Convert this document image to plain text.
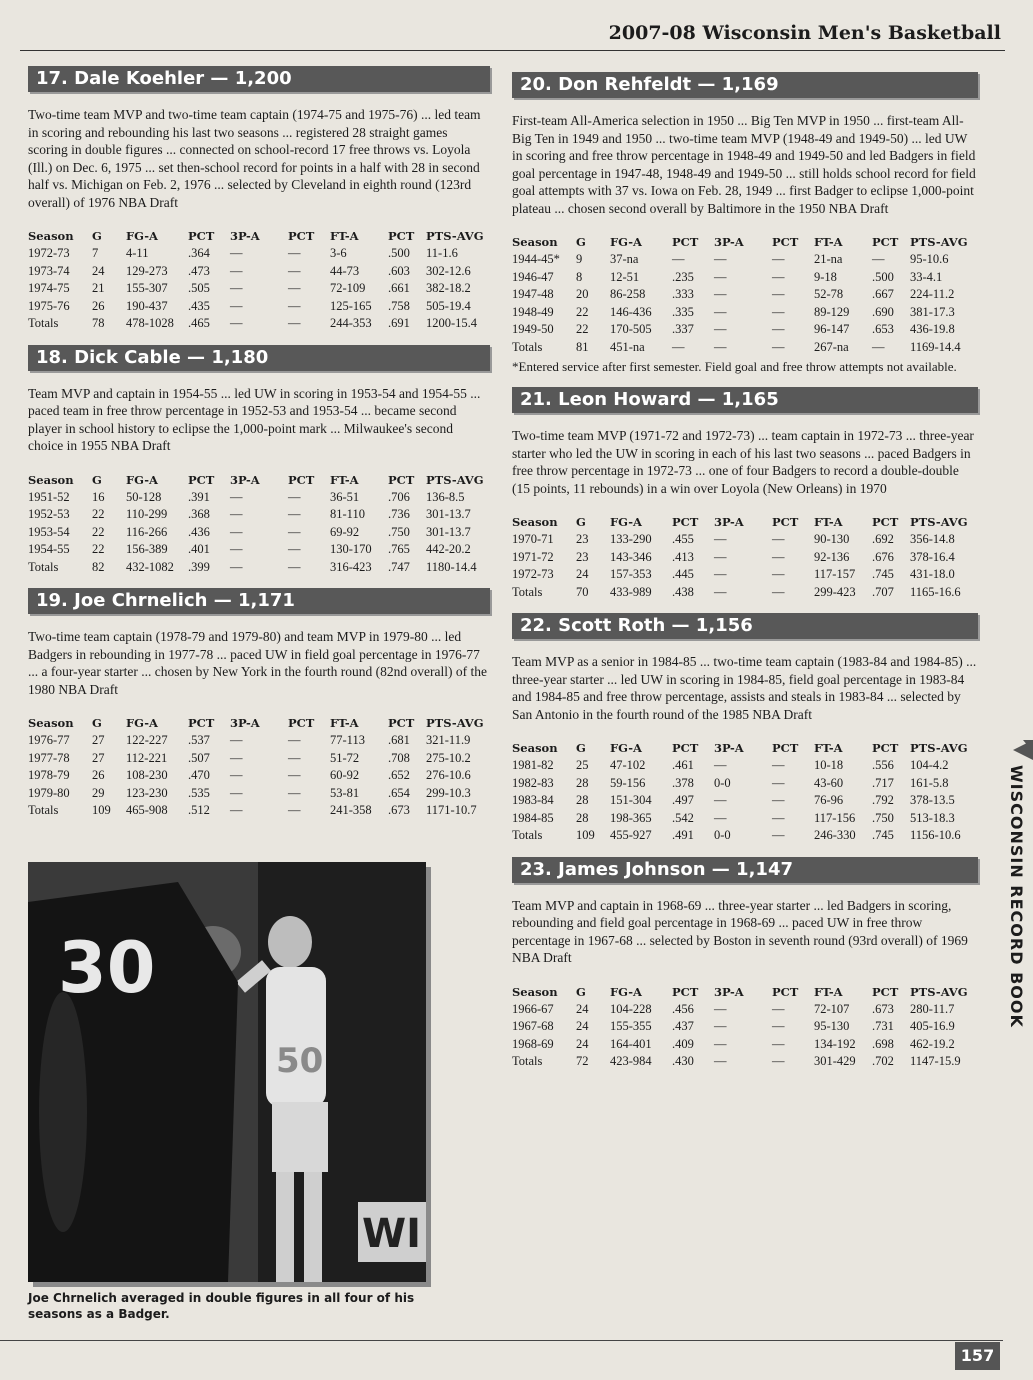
2007-08 Wisconsin Men's Basketball
17. Dale Koehler — 1,200

Two-time team MVP and two-time team captain (1974-75 and 1975-76) ... led team in scoring and rebounding his last two seasons ... registered 28 straight games scoring in double figures ... connected on school-record 17 free throws vs. Loyola (Ill.) on Dec. 6, 1975 ... set then-school record for points in a half with 28 in second half vs. Michigan on Feb. 2, 1976 ... selected by Cleveland in eighth round (123rd overall) of 1976 NBA Draft

Season	G	FG-A	PCT	3P-A	PCT	FT-A	PCT	PTS-AVG
1972-73	7	4-11	.364	—	—	3-6	.500	11-1.6
1973-74	24	129-273	.473	—	—	44-73	.603	302-12.6
1974-75	21	155-307	.505	—	—	72-109	.661	382-18.2
1975-76	26	190-437	.435	—	—	125-165	.758	505-19.4
Totals	78	478-1028	.465	—	—	244-353	.691	1200-15.4
18. Dick Cable — 1,180

Team MVP and captain in 1954-55 ... led UW in scoring in 1953-54 and 1954-55 ... paced team in free throw percentage in 1952-53 and 1953-54 ... became second player in school history to eclipse the 1,000-point mark ... Milwaukee's second choice in 1955 NBA Draft

Season	G	FG-A	PCT	3P-A	PCT	FT-A	PCT	PTS-AVG
1951-52	16	50-128	.391	—	—	36-51	.706	136-8.5
1952-53	22	110-299	.368	—	—	81-110	.736	301-13.7
1953-54	22	116-266	.436	—	—	69-92	.750	301-13.7
1954-55	22	156-389	.401	—	—	130-170	.765	442-20.2
Totals	82	432-1082	.399	—	—	316-423	.747	1180-14.4
19. Joe Chrnelich — 1,171

Two-time team captain (1978-79 and 1979-80) and team MVP in 1979-80 ... led Badgers in rebounding in 1977-78 ... paced UW in field goal percentage in 1976-77 ... a four-year starter ... chosen by New York in the fourth round (82nd overall) of the 1980 NBA Draft

Season	G	FG-A	PCT	3P-A	PCT	FT-A	PCT	PTS-AVG
1976-77	27	122-227	.537	—	—	77-113	.681	321-11.9
1977-78	27	112-221	.507	—	—	51-72	.708	275-10.2
1978-79	26	108-230	.470	—	—	60-92	.652	276-10.6
1979-80	29	123-230	.535	—	—	53-81	.654	299-10.3
Totals	109	465-908	.512	—	—	241-358	.673	1171-10.7
20. Don Rehfeldt — 1,169

First-team All-America selection in 1950 ... Big Ten MVP in 1950 ... first-team All-Big Ten in 1949 and 1950 ... two-time team MVP (1948-49 and 1949-50) ... led UW in scoring and free throw percentage in 1948-49 and 1949-50 and led Badgers in field goal percentage in 1947-48, 1948-49 and 1949-50 ... still holds school record for field goal attempts with 37 vs. Iowa on Feb. 28, 1949 ... first Badger to eclipse 1,000-point plateau ... chosen second overall by Baltimore in the 1950 NBA Draft

Season	G	FG-A	PCT	3P-A	PCT	FT-A	PCT	PTS-AVG
1944-45*	9	37-na	—	—	—	21-na	—	95-10.6
1946-47	8	12-51	.235	—	—	9-18	.500	33-4.1
1947-48	20	86-258	.333	—	—	52-78	.667	224-11.2
1948-49	22	146-436	.335	—	—	89-129	.690	381-17.3
1949-50	22	170-505	.337	—	—	96-147	.653	436-19.8
Totals	81	451-na	—	—	—	267-na	—	1169-14.4
*Entered service after first semester. Field goal and free throw attempts not available.
21. Leon Howard — 1,165

Two-time team MVP (1971-72 and 1972-73) ... team captain in 1972-73 ... three-year starter who led the UW in scoring in each of his last two seasons ... paced Badgers in free throw percentage in 1972-73 ... one of four Badgers to record a double-double (15 points, 11 rebounds) in a win over Loyola (New Orleans) in 1970

Season	G	FG-A	PCT	3P-A	PCT	FT-A	PCT	PTS-AVG
1970-71	23	133-290	.455	—	—	90-130	.692	356-14.8
1971-72	23	143-346	.413	—	—	92-136	.676	378-16.4
1972-73	24	157-353	.445	—	—	117-157	.745	431-18.0
Totals	70	433-989	.438	—	—	299-423	.707	1165-16.6
22. Scott Roth — 1,156

Team MVP as a senior in 1984-85 ... two-time team captain (1983-84 and 1984-85) ... three-year starter ... led UW in scoring in 1984-85, field goal percentage in 1983-84 and 1984-85 and free throw percentage, assists and steals in 1983-84 ... selected by San Antonio in the fourth round of the 1985 NBA Draft

Season	G	FG-A	PCT	3P-A	PCT	FT-A	PCT	PTS-AVG
1981-82	25	47-102	.461	—	—	10-18	.556	104-4.2
1982-83	28	59-156	.378	0-0	—	43-60	.717	161-5.8
1983-84	28	151-304	.497	—	—	76-96	.792	378-13.5
1984-85	28	198-365	.542	—	—	117-156	.750	513-18.3
Totals	109	455-927	.491	0-0	—	246-330	.745	1156-10.6
23. James Johnson — 1,147

Team MVP and captain in 1968-69 ... three-year starter ... led Badgers in scoring, rebounding and field goal percentage in 1968-69 ... paced UW in free throw percentage in 1967-68 ... selected by Boston in seventh round (93rd overall) of 1969 NBA Draft

Season	G	FG-A	PCT	3P-A	PCT	FT-A	PCT	PTS-AVG
1966-67	24	104-228	.456	—	—	72-107	.673	280-11.7
1967-68	24	155-355	.437	—	—	95-130	.731	405-16.9
1968-69	24	164-401	.409	—	—	134-192	.698	462-19.2
Totals	72	423-984	.430	—	—	301-429	.702	1147-15.9
WI
50
30
Joe Chrnelich averaged in double figures in all four of his seasons as a Badger.
WISCONSIN RECORD BOOK
157
